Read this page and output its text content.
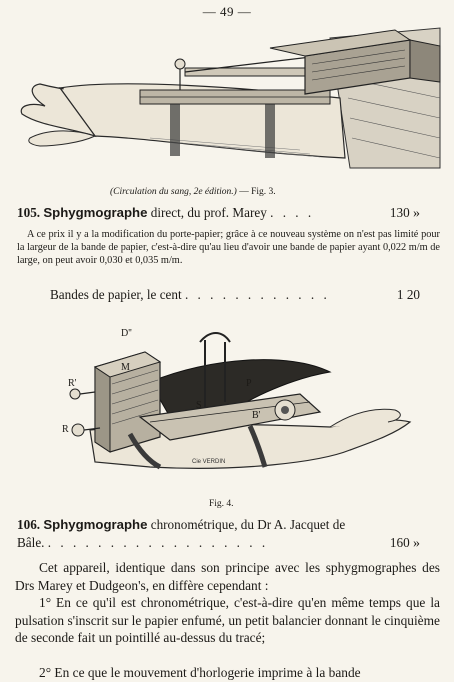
— 49 —
(Circulation du sang, 2e édition.) — Fig. 3.
105. Sphygmographe direct, du prof. Marey . . . .	130 »
A ce prix il y a la modification du porte-papier; grâce à ce nouveau système on n'est pas limité pour la largeur de la bande de papier, c'est-à-dire qu'au lieu d'avoir une bande de papier ayant 0,022 m/m de large, on peut avoir 0,030 et 0,035 m/m.
Bandes de papier, le cent . . . . . . . . . . . .	1 20
D''
M
R'
R
B'
P
S
Cie VERDIN
Fig. 4.
106. Sphygmographe chronométrique, du Dr A. Jacquet de
Bâle. . . . . . . . . . . . . . . . . . .	160 »
Cet appareil, identique dans son principe avec les sphygmographes des Drs Marey et Dudgeon's, en diffère cependant :
1° En ce qu'il est chronométrique, c'est-à-dire qu'en même temps que la pulsation s'inscrit sur le papier enfumé, un petit balancier donnant le cinquième de seconde fait un pointillé au-dessus du tracé;
2° En ce que le mouvement d'horlogerie imprime à la bande
